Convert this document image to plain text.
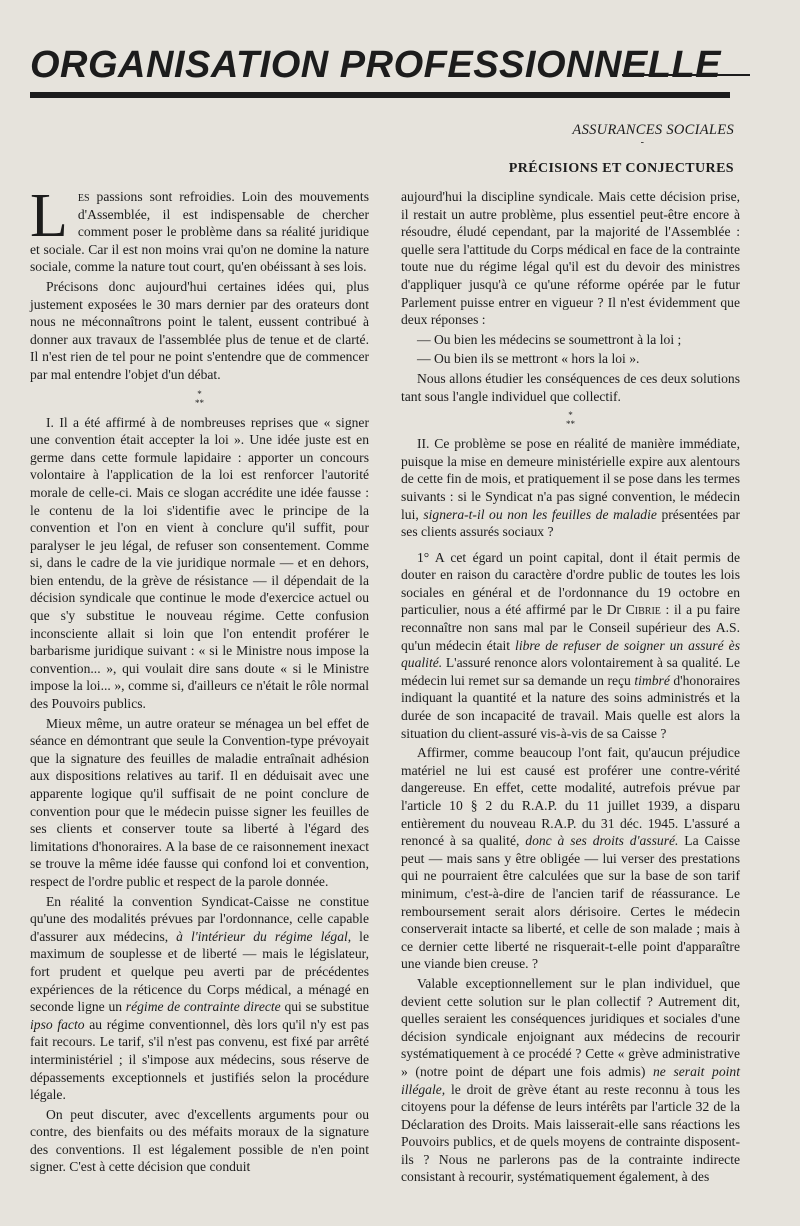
ORGANISATION PROFESSIONNELLE
ASSURANCES SOCIALES
-
PRÉCISIONS ET CONJECTURES

Les passions sont refroidies. Loin des mouvements d'Assemblée, il est indispensable de chercher comment poser le problème dans sa réalité juridique et sociale. Car il est non moins vrai qu'on ne domine la nature sociale, comme la nature tout court, qu'en obéissant à ses lois.

Précisons donc aujourd'hui certaines idées qui, plus justement exposées le 30 mars dernier par des orateurs dont nous ne méconnaîtrons point le talent, eussent contribué à donner aux travaux de l'assemblée plus de tenue et de clarté. Il n'est rien de tel pour ne point s'entendre que de commencer par mal entendre l'objet d'un débat.

*
**

I. Il a été affirmé à de nombreuses reprises que « signer une convention était accepter la loi ». Une idée juste est en germe dans cette formule lapidaire : apporter un concours volontaire à l'application de la loi est renforcer l'autorité morale de celle-ci. Mais ce slogan accrédite une idée fausse : le contenu de la loi s'identifie avec le principe de la convention et l'on en vient à conclure qu'il suffit, pour paralyser le jeu légal, de refuser son consentement. Comme si, dans le cadre de la vie juridique normale — et en dehors, bien entendu, de la grève de résistance — il dépendait de la décision syndicale que continue le mode d'exercice actuel ou que s'y substitue le nouveau régime. Cette confusion inconsciente allait si loin que l'on entendit proférer le barbarisme juridique suivant : « si le Ministre nous impose la convention... », qui voulait dire sans doute « si le Ministre impose la loi... », comme si, d'ailleurs ce n'était le rôle normal des Pouvoirs publics.

Mieux même, un autre orateur se ménagea un bel effet de séance en démontrant que seule la Convention-type prévoyait que la signature des feuilles de maladie entraînait adhésion aux dispositions relatives au tarif. Il en déduisait avec une apparente logique qu'il suffisait de ne point conclure de convention pour que le médecin puisse signer les feuilles de ses clients et conserver toute sa liberté à l'égard des limitations d'honoraires. A la base de ce raisonnement inexact se trouve la même idée fausse qui confond loi et convention, respect de l'ordre public et respect de la parole donnée.

En réalité la convention Syndicat-Caisse ne constitue qu'une des modalités prévues par l'ordonnance, celle capable d'assurer aux médecins, à l'intérieur du régime légal, le maximum de souplesse et de liberté — mais le législateur, fort prudent et quelque peu averti par de précédentes expériences de la réticence du Corps médical, a ménagé en seconde ligne un régime de contrainte directe qui se substitue ipso facto au régime conventionnel, dès lors qu'il n'y est pas fait recours. Le tarif, s'il n'est pas convenu, est fixé par arrêté interministériel ; il s'impose aux médecins, sous réserve de dépassements exceptionnels et justifiés selon la procédure légale.

On peut discuter, avec d'excellents arguments pour ou contre, des bienfaits ou des méfaits moraux de la signature des conventions. Il est légalement possible de n'en point signer. C'est à cette décision que conduit

aujourd'hui la discipline syndicale. Mais cette décision prise, il restait un autre problème, plus essentiel peut-être encore à résoudre, éludé cependant, par la majorité de l'Assemblée : quelle sera l'attitude du Corps médical en face de la contrainte toute nue du régime légal qu'il est du devoir des ministres d'appliquer jusqu'à ce qu'une réforme opérée par le futur Parlement puisse entrer en vigueur ? Il n'est évidemment que deux réponses :

— Ou bien les médecins se soumettront à la loi ;

— Ou bien ils se mettront « hors la loi ».

Nous allons étudier les conséquences de ces deux solutions tant sous l'angle individuel que collectif.

*
**

II. Ce problème se pose en réalité de manière immédiate, puisque la mise en demeure ministérielle expire aux alentours de cette fin de mois, et pratiquement il se pose dans les termes suivants : si le Syndicat n'a pas signé convention, le médecin lui, signera-t-il ou non les feuilles de maladie présentées par ses clients assurés sociaux ?

1° A cet égard un point capital, dont il était permis de douter en raison du caractère d'ordre public de toutes les lois sociales en général et de l'ordonnance du 19 octobre en particulier, nous a été affirmé par le Dr Cibrie : il a pu faire reconnaître non sans mal par le Conseil supérieur des A.S. qu'un médecin était libre de refuser de soigner un assuré ès qualité. L'assuré renonce alors volontairement à sa qualité. Le médecin lui remet sur sa demande un reçu timbré d'honoraires indiquant la quantité et la nature des soins administrés et la durée de son incapacité de travail. Mais quelle est alors la situation du client-assuré vis-à-vis de sa Caisse ?

Affirmer, comme beaucoup l'ont fait, qu'aucun préjudice matériel ne lui est causé est proférer une contre-vérité dangereuse. En effet, cette modalité, autrefois prévue par l'article 10 § 2 du R.A.P. du 11 juillet 1939, a disparu entièrement du nouveau R.A.P. du 31 déc. 1945. L'assuré a renoncé à sa qualité, donc à ses droits d'assuré. La Caisse peut — mais sans y être obligée — lui verser des prestations qui ne pourraient être calculées que sur la base de son tarif minimum, c'est-à-dire de l'ancien tarif de réassurance. Le remboursement serait alors dérisoire. Certes le médecin conserverait intacte sa liberté, et celle de son malade ; mais à ce dernier cette liberté ne risquerait-t-elle point d'apparaître une viande bien creuse. ?

Valable exceptionnellement sur le plan individuel, que devient cette solution sur le plan collectif ? Autrement dit, quelles seraient les conséquences juridiques et sociales d'une décision syndicale enjoignant aux médecins de recourir systématiquement à ce procédé ? Cette « grève administrative » (notre point de départ une fois admis) ne serait point illégale, le droit de grève étant au reste reconnu à tous les citoyens pour la défense de leurs intérêts par l'article 32 de la Déclaration des Droits. Mais laisserait-elle sans réactions les Pouvoirs publics, et de quels moyens de contrainte disposent-ils ? Nous ne parlerons pas de la contrainte indirecte consistant à recourir, systématiquement également, à des
